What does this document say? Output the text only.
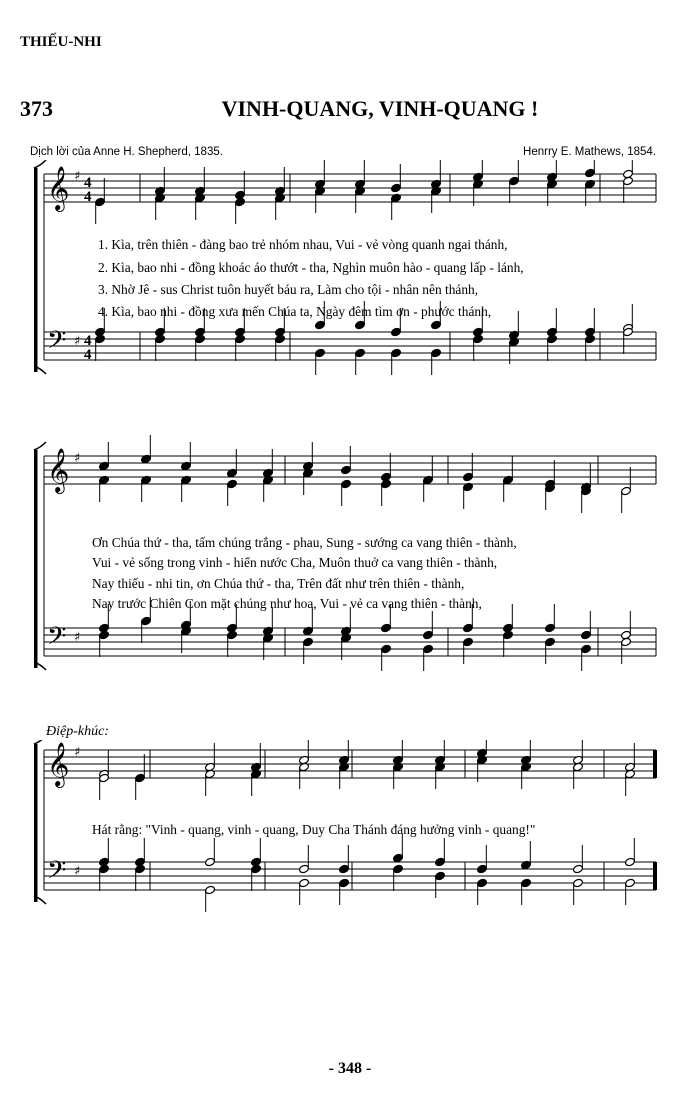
THIẾU-NHI
373	VINH-QUANG, VINH-QUANG !
Dịch lời của Anne H. Shepherd, 1835.	Henrry E. Mathews, 1854.
𝄞
𝄢
♯
♯
4
4
4
4
1. Kìa, trên thiên - đàng bao trẻ nhóm nhau, Vui - vẻ vòng quanh ngai thánh,
2. Kìa, bao nhi - đồng khoác áo thướt - tha, Nghìn muôn hào - quang lấp - lánh,
3. Nhờ Jê - sus Christ tuôn huyết báu ra, Làm cho tội - nhân nên thánh,
4. Kìa, bao nhi - đồng xưa mến Chúa ta, Ngày đêm tìm ơn - phước thánh,
𝄞
𝄢
♯
♯
Ơn Chúa thứ - tha, tấm chúng trắng - phau, Sung - sướng ca vang thiên - thành,
Vui - vẻ sống trong vinh - hiển nước Cha, Muôn thuở ca vang thiên - thành,
Nay thiếu - nhi tin, ơn Chúa thứ - tha, Trên đất như trên thiên - thành,
Nay trước Chiên Con mặt chúng như hoa, Vui - vẻ ca vang thiên - thành,
Điệp-khúc:
𝄞
𝄢
♯
♯
Hát rằng: "Vinh - quang, vinh - quang, Duy Cha Thánh đáng hưởng vinh - quang!"
- 348 -
